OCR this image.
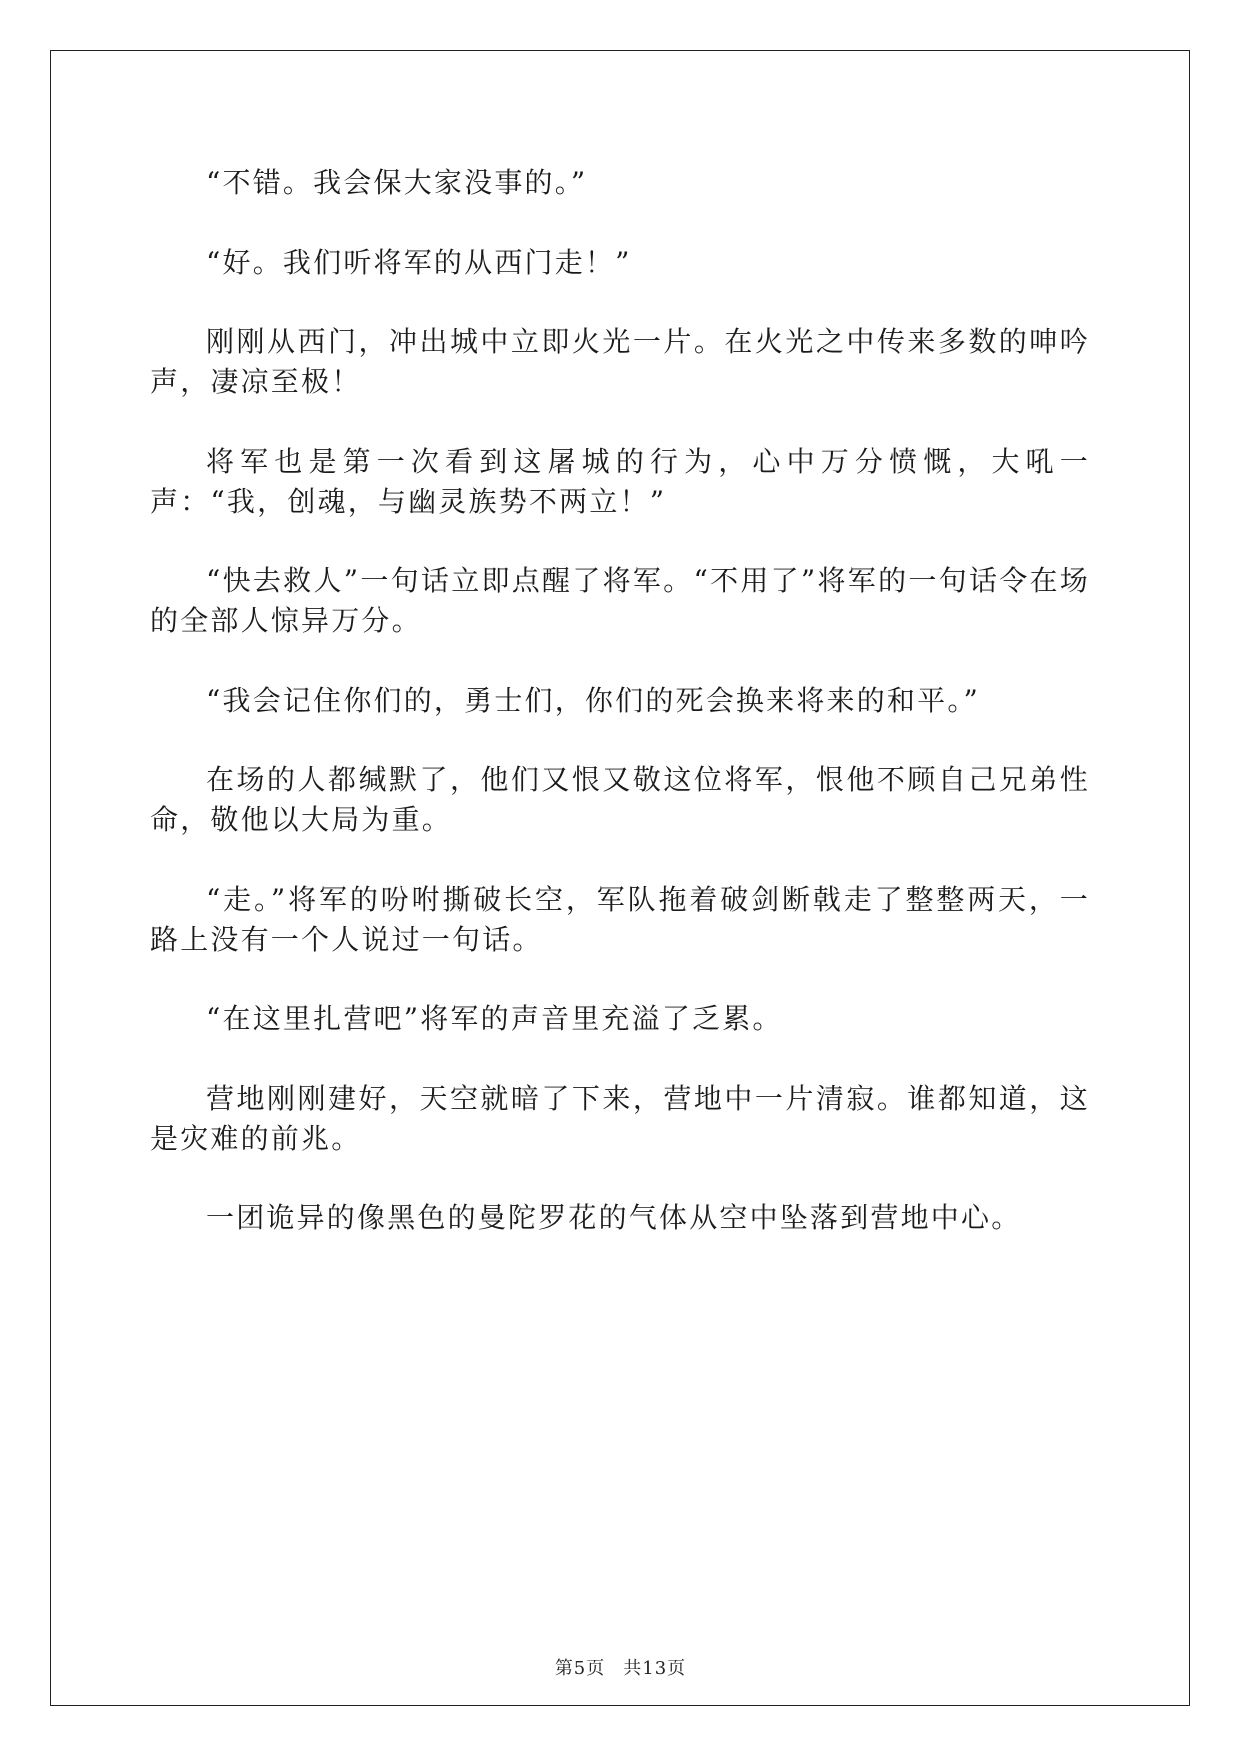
“不错。我会保大家没事的。”

“好。我们听将军的从西门走！”

刚刚从西门，冲出城中立即火光一片。在火光之中传来多数的呻吟声，凄凉至极！

将军也是第一次看到这屠城的行为，心中万分愤慨，大吼一声：“我，创魂，与幽灵族势不两立！”

“快去救人”一句话立即点醒了将军。“不用了”将军的一句话令在场的全部人惊异万分。

“我会记住你们的，勇士们，你们的死会换来将来的和平。”

在场的人都缄默了，他们又恨又敬这位将军，恨他不顾自己兄弟性命，敬他以大局为重。

“走。”将军的吩咐撕破长空，军队拖着破剑断戟走了整整两天，一路上没有一个人说过一句话。

“在这里扎营吧”将军的声音里充溢了乏累。

营地刚刚建好，天空就暗了下来，营地中一片清寂。谁都知道，这是灾难的前兆。

一团诡异的像黑色的曼陀罗花的气体从空中坠落到营地中心。

第5页 共13页
